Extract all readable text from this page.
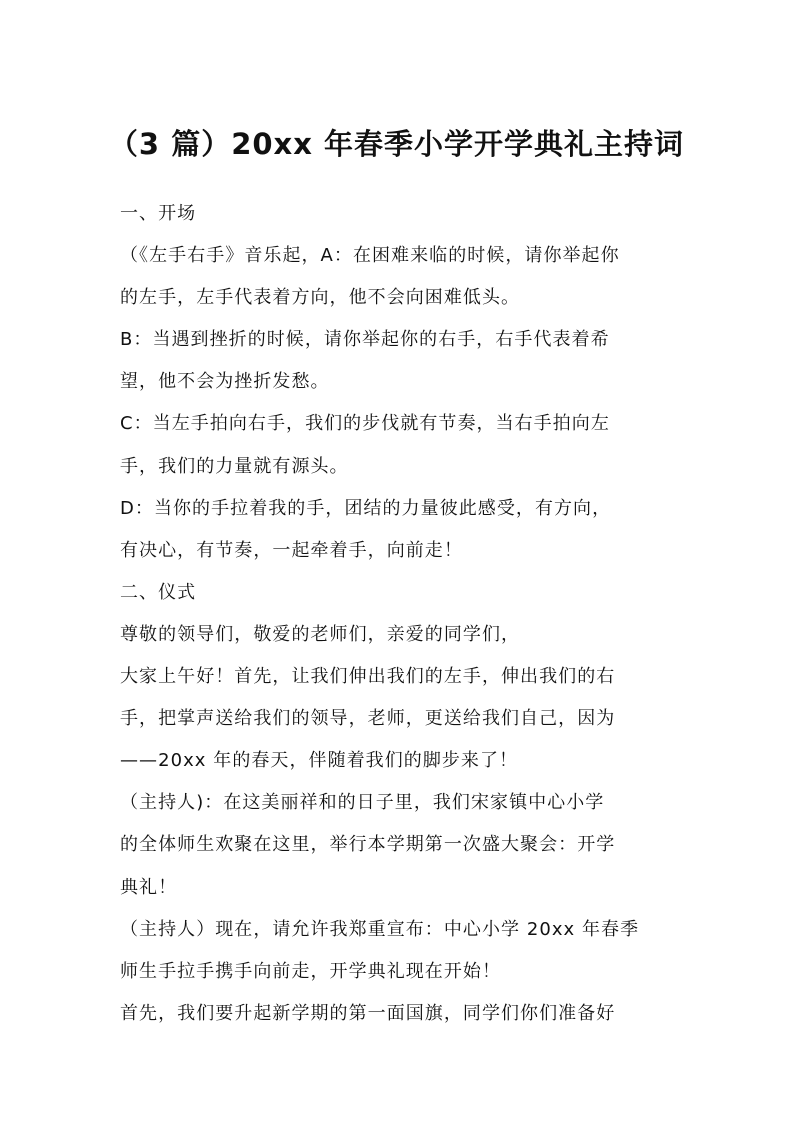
（3 篇）20xx 年春季小学开学典礼主持词
一、开场
（《左手右手》音乐起，A：在困难来临的时候，请你举起你
的左手，左手代表着方向，他不会向困难低头。
B：当遇到挫折的时候，请你举起你的右手，右手代表着希
望，他不会为挫折发愁。
C：当左手拍向右手，我们的步伐就有节奏，当右手拍向左
手，我们的力量就有源头。
D：当你的手拉着我的手，团结的力量彼此感受，有方向，
有决心，有节奏，一起牵着手，向前走！
二、仪式
尊敬的领导们，敬爱的老师们，亲爱的同学们，
大家上午好！首先，让我们伸出我们的左手，伸出我们的右
手，把掌声送给我们的领导，老师，更送给我们自己，因为
——20xx 年的春天，伴随着我们的脚步来了！
（主持人)：在这美丽祥和的日子里，我们宋家镇中心小学
的全体师生欢聚在这里，举行本学期第一次盛大聚会：开学
典礼！
（主持人）现在，请允许我郑重宣布：中心小学 20xx 年春季
师生手拉手携手向前走，开学典礼现在开始！
首先，我们要升起新学期的第一面国旗，同学们你们准备好
